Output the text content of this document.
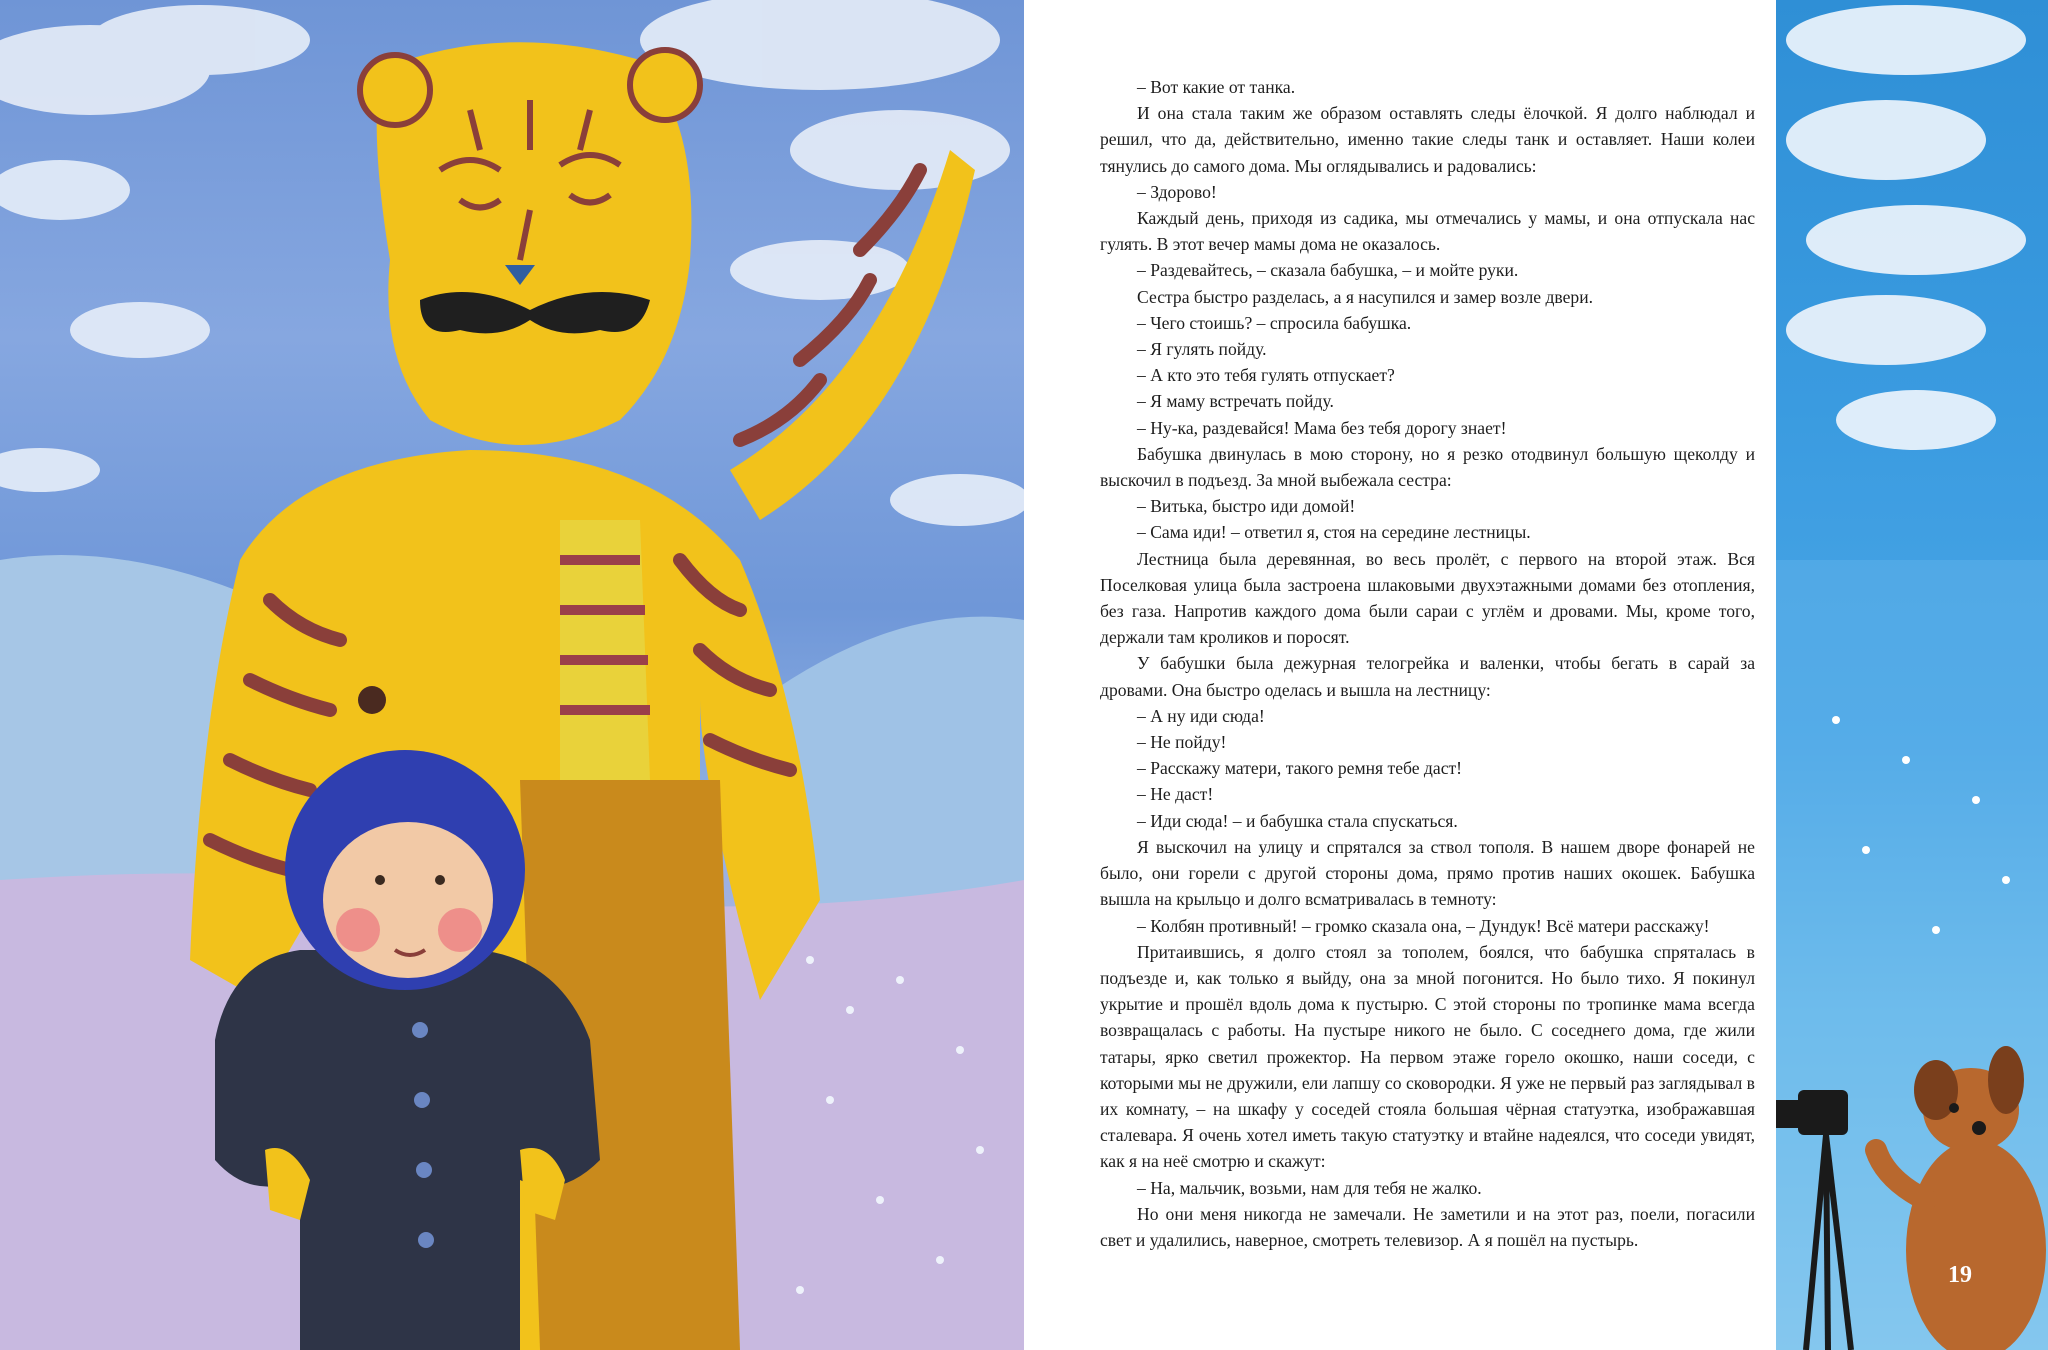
– Вот какие от танка.

И она стала таким же образом оставлять следы ёлочкой. Я долго наблюдал и решил, что да, действительно, именно такие следы танк и оставляет. Наши колеи тянулись до самого дома. Мы оглядывались и радовались:

– Здорово!

Каждый день, приходя из садика, мы отмечались у мамы, и она отпускала нас гулять. В этот вечер мамы дома не оказалось.

– Раздевайтесь, – сказала бабушка, – и мойте руки.

Сестра быстро разделась, а я насупился и замер возле двери.

– Чего стоишь? – спросила бабушка.

– Я гулять пойду.

– А кто это тебя гулять отпускает?

– Я маму встречать пойду.

– Ну-ка, раздевайся! Мама без тебя дорогу знает!

Бабушка двинулась в мою сторону, но я резко отодвинул большую щеколду и выскочил в подъезд. За мной выбежала сестра:

– Витька, быстро иди домой!

– Сама иди! – ответил я, стоя на середине лестницы.

Лестница была деревянная, во весь пролёт, с первого на второй этаж. Вся Поселковая улица была застроена шлаковыми двухэтажными домами без отопления, без газа. Напротив каждого дома были сараи с углём и дровами. Мы, кроме того, держали там кроликов и поросят.

У бабушки была дежурная телогрейка и валенки, чтобы бегать в сарай за дровами. Она быстро оделась и вышла на лестницу:

– А ну иди сюда!

– Не пойду!

– Расскажу матери, такого ремня тебе даст!

– Не даст!

– Иди сюда! – и бабушка стала спускаться.

Я выскочил на улицу и спрятался за ствол тополя. В нашем дворе фонарей не было, они горели с другой стороны дома, прямо против наших окошек. Бабушка вышла на крыльцо и долго всматривалась в темноту:

– Колбян противный! – громко сказала она, – Дундук! Всё матери расскажу!

Притаившись, я долго стоял за тополем, боялся, что бабушка спряталась в подъезде и, как только я выйду, она за мной погонится. Но было тихо. Я покинул укрытие и прошёл вдоль дома к пустырю. С этой стороны по тропинке мама всегда возвращалась с работы. На пустыре никого не было. С соседнего дома, где жили татары, ярко светил прожектор. На первом этаже горело окошко, наши соседи, с которыми мы не дружили, ели лапшу со сковородки. Я уже не первый раз заглядывал в их комнату, – на шкафу у соседей стояла большая чёрная статуэтка, изображавшая сталевара. Я очень хотел иметь такую статуэтку и втайне надеялся, что соседи увидят, как я на неё смотрю и скажут:

– На, мальчик, возьми, нам для тебя не жалко.

Но они меня никогда не замечали. Не заметили и на этот раз, поели, погасили свет и удалились, наверное, смотреть телевизор. А я пошёл на пустырь.

19
